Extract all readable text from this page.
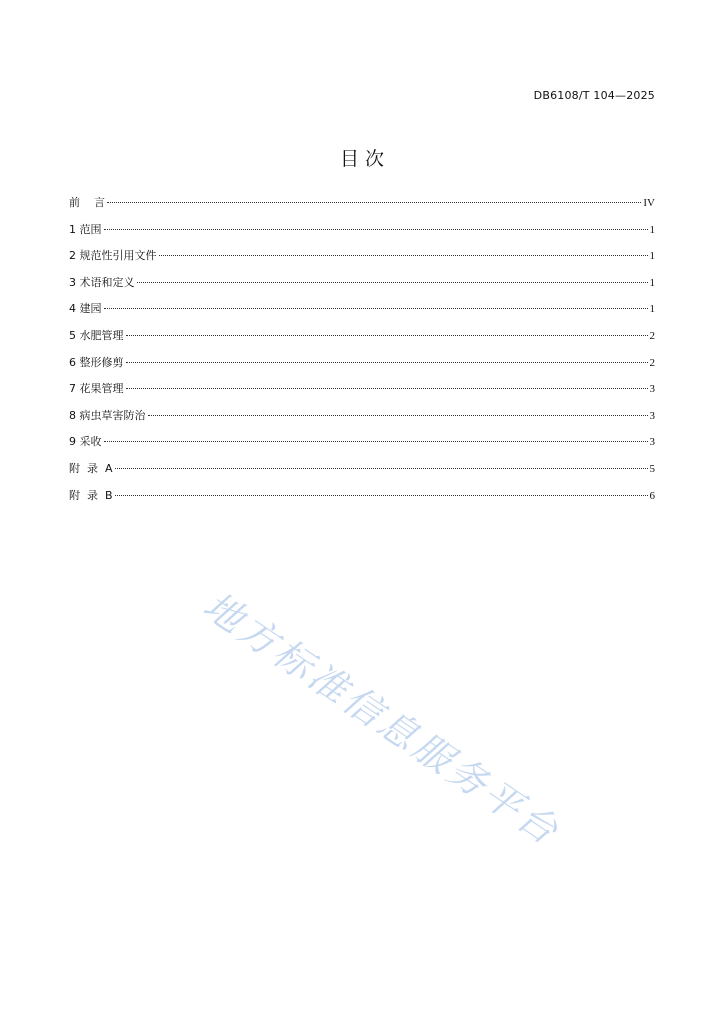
DB6108/T 104—2025
目 次
前    言	IV
1 范围	1
2 规范性引用文件	1
3 术语和定义	1
4 建园	1
5 水肥管理	2
6 整形修剪	2
7 花果管理	3
8 病虫草害防治	3
9 采收	3
附  录  A	5
附  录  B	6
地方标准信息服务平台
